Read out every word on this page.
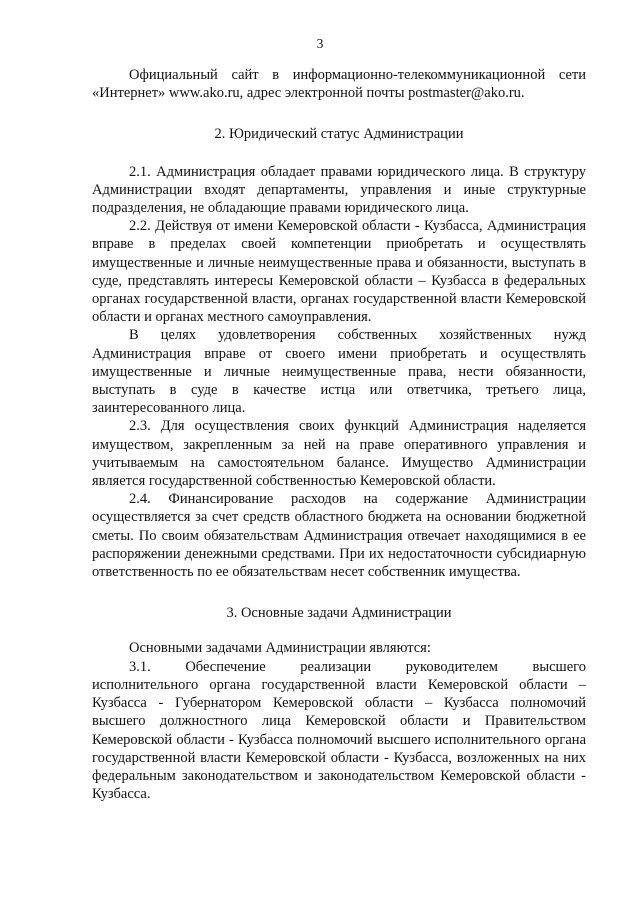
3

Официальный сайт в информационно-телекоммуникационной сети «Интернет» www.ako.ru, адрес электронной почты postmaster@ako.ru.

2. Юридический статус Администрации

2.1. Администрация обладает правами юридического лица. В структуру Администрации входят департаменты, управления и иные структурные подразделения, не обладающие правами юридического лица.

2.2. Действуя от имени Кемеровской области - Кузбасса, Администрация вправе в пределах своей компетенции приобретать и осуществлять имущественные и личные неимущественные права и обязанности, выступать в суде, представлять интересы Кемеровской области – Кузбасса в федеральных органах государственной власти, органах государственной власти Кемеровской области и органах местного самоуправления.

В целях удовлетворения собственных хозяйственных нужд Администрация вправе от своего имени приобретать и осуществлять имущественные и личные неимущественные права, нести обязанности, выступать в суде в качестве истца или ответчика, третьего лица, заинтересованного лица.

2.3. Для осуществления своих функций Администрация наделяется имуществом, закрепленным за ней на праве оперативного управления и учитываемым на самостоятельном балансе. Имущество Администрации является государственной собственностью Кемеровской области.

2.4. Финансирование расходов на содержание Администрации осуществляется за счет средств областного бюджета на основании бюджетной сметы. По своим обязательствам Администрация отвечает находящимися в ее распоряжении денежными средствами. При их недостаточности субсидиарную ответственность по ее обязательствам несет собственник имущества.

3. Основные задачи Администрации

Основными задачами Администрации являются:

3.1. Обеспечение реализации руководителем высшего

исполнительного органа государственной власти Кемеровской области – Кузбасса - Губернатором Кемеровской области – Кузбасса полномочий высшего должностного лица Кемеровской области и Правительством Кемеровской области - Кузбасса полномочий высшего исполнительного органа государственной власти Кемеровской области - Кузбасса, возложенных на них федеральным законодательством и законодательством Кемеровской области - Кузбасса.
